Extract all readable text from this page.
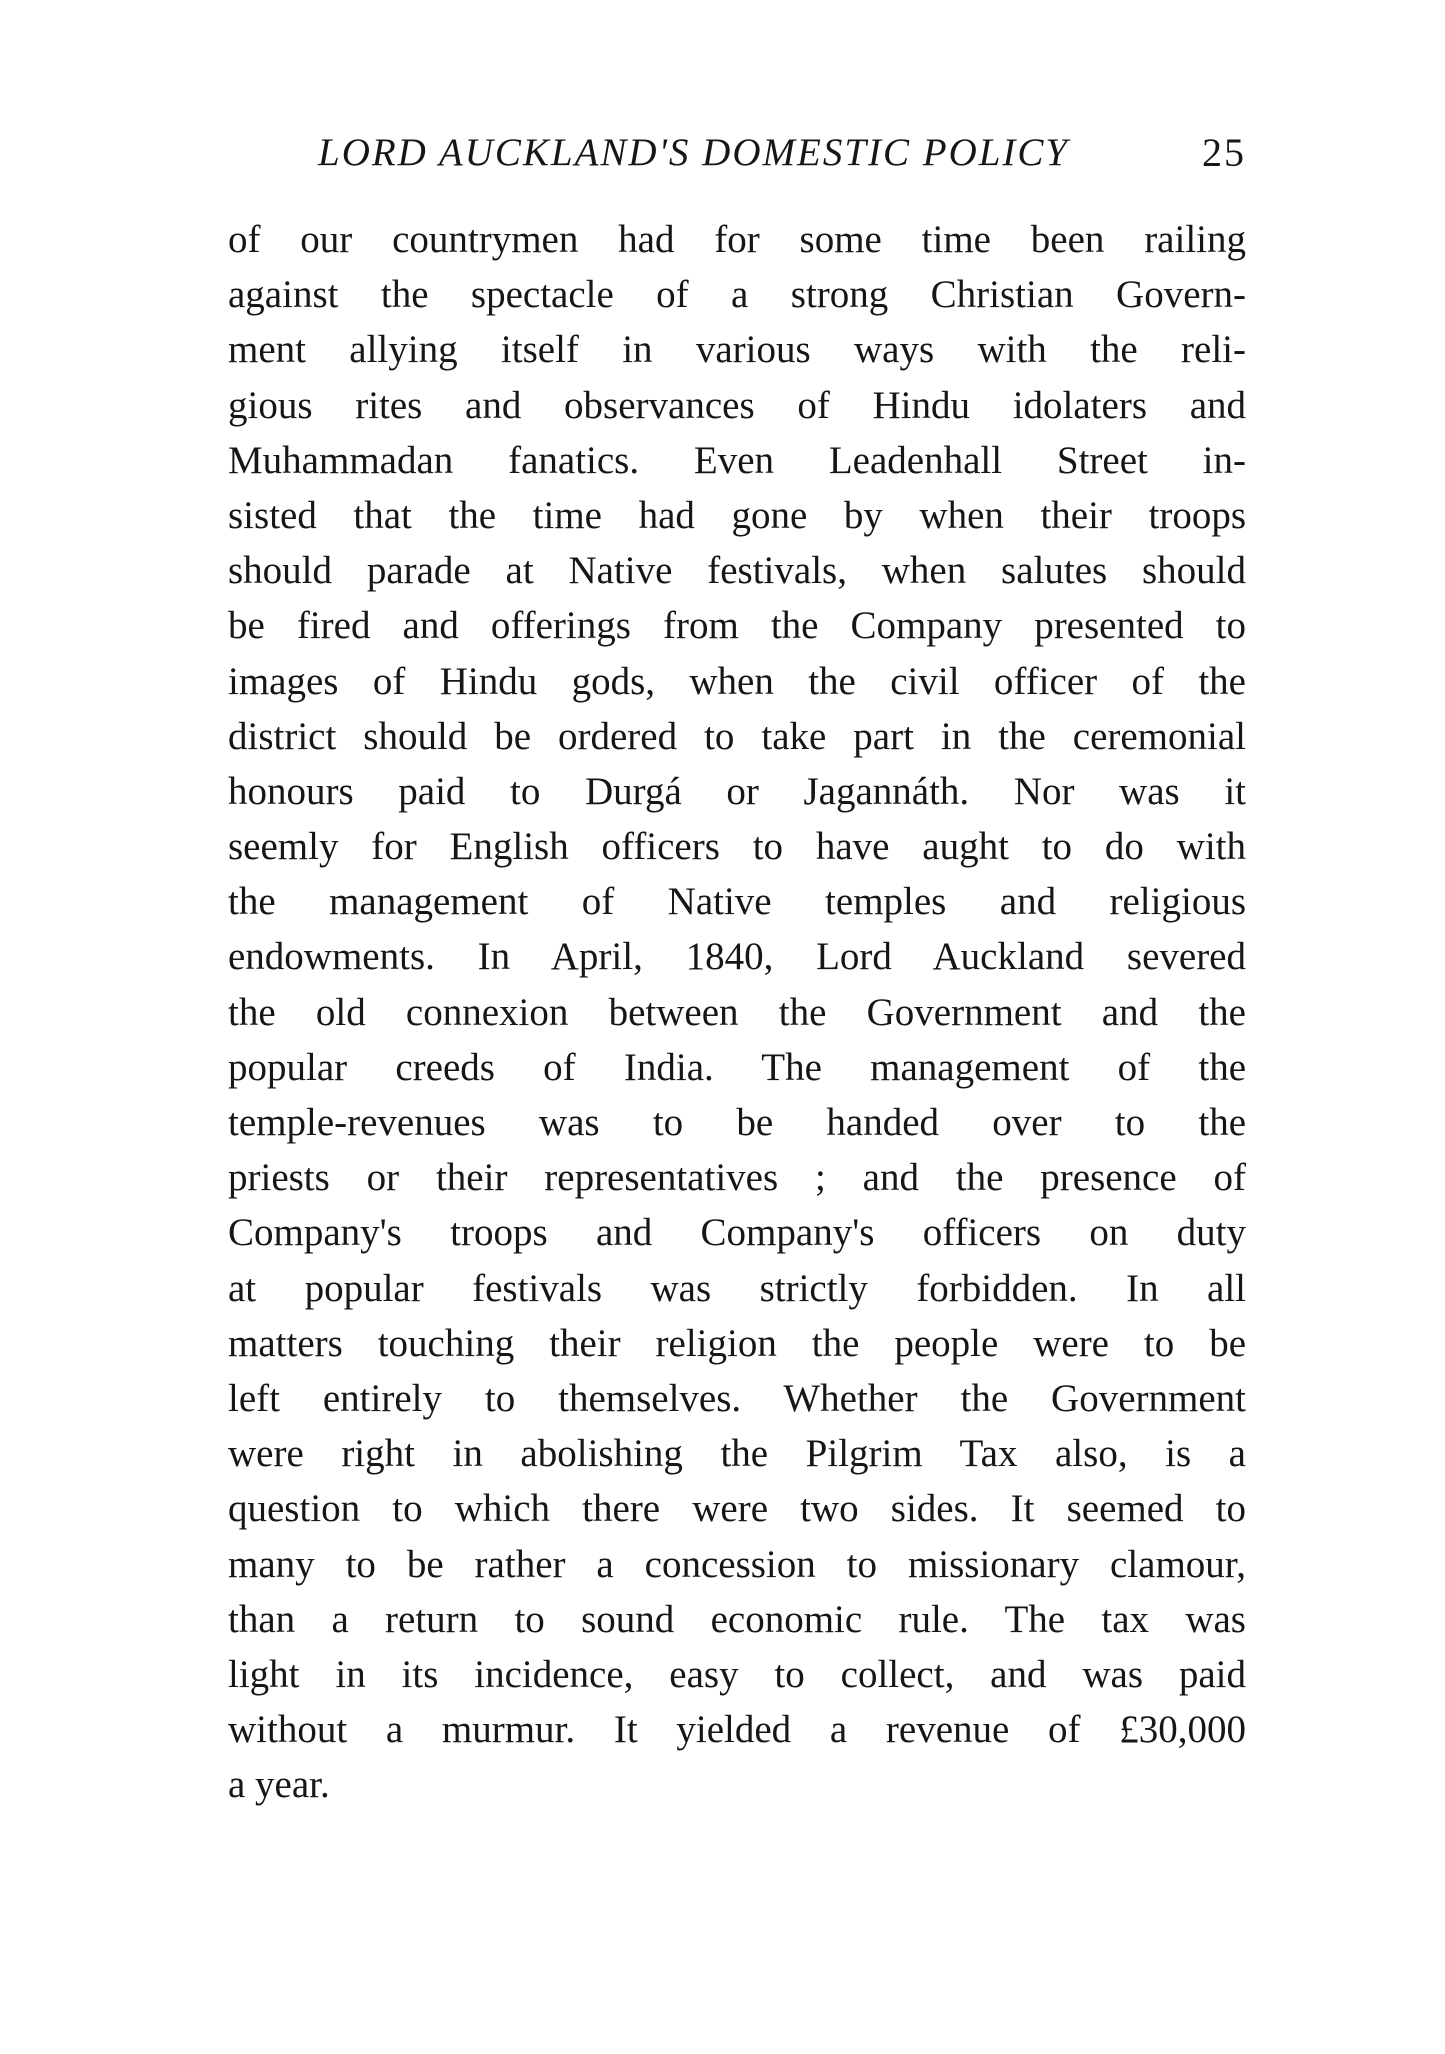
LORD AUCKLAND'S DOMESTIC POLICY	25
of our countrymen had for some time been railing
against the spectacle of a strong Christian Govern-
ment allying itself in various ways with the reli-
gious rites and observances of Hindu idolaters and
Muhammadan fanatics. Even Leadenhall Street in-
sisted that the time had gone by when their troops
should parade at Native festivals, when salutes should
be fired and offerings from the Company presented to
images of Hindu gods, when the civil officer of the
district should be ordered to take part in the ceremonial
honours paid to Durgá or Jagannáth. Nor was it
seemly for English officers to have aught to do with
the management of Native temples and religious
endowments. In April, 1840, Lord Auckland severed
the old connexion between the Government and the
popular creeds of India. The management of the
temple-revenues was to be handed over to the
priests or their representatives ; and the presence of
Company's troops and Company's officers on duty
at popular festivals was strictly forbidden. In all
matters touching their religion the people were to be
left entirely to themselves. Whether the Government
were right in abolishing the Pilgrim Tax also, is a
question to which there were two sides. It seemed to
many to be rather a concession to missionary clamour,
than a return to sound economic rule. The tax was
light in its incidence, easy to collect, and was paid
without a murmur. It yielded a revenue of £30,000
a year.
